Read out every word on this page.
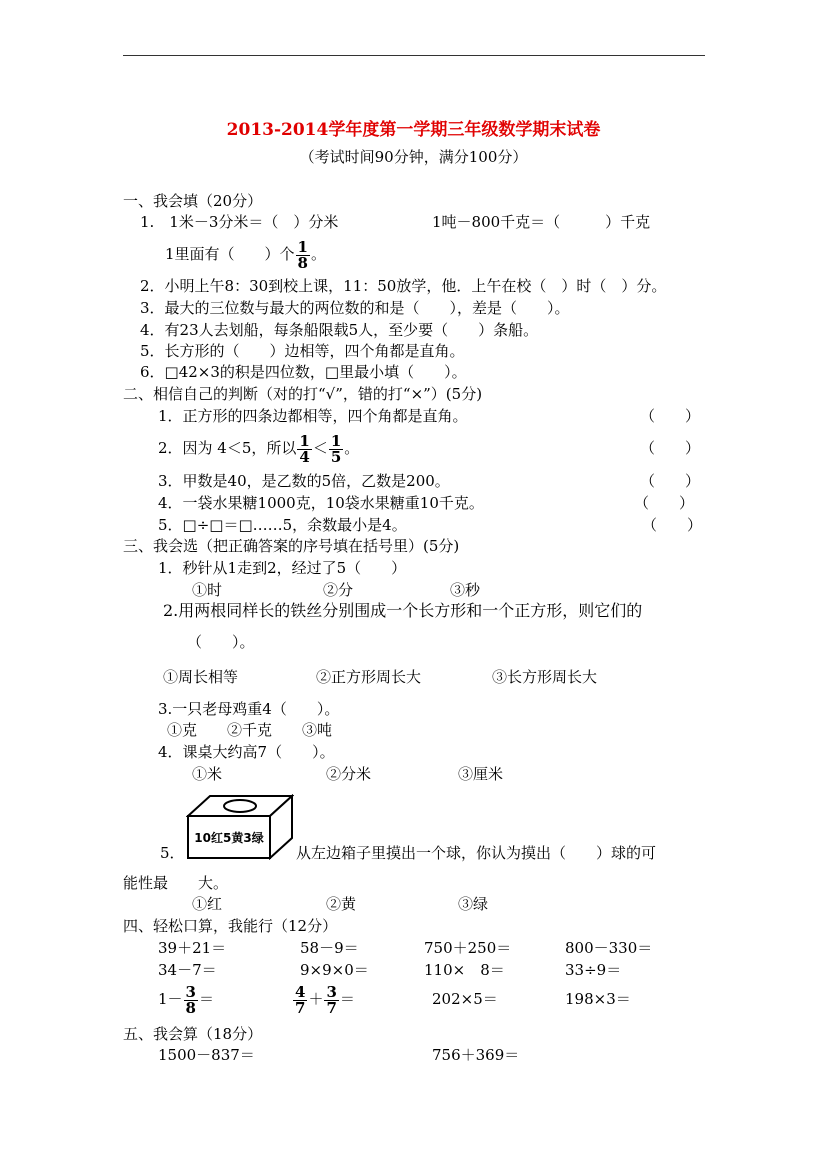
2013-2014学年度第一学期三年级数学期末试卷
（考试时间90分钟，满分100分）
一、我会填（20分）
1.　1米－3分米＝（　）分米	1吨－800千克＝（　　　）千克
1里面有（　　）个 $\frac{1}{8}$ 。
2．小明上午8：30到校上课，11：50放学，他．上午在校（　）时（　）分。
3．最大的三位数与最大的两位数的和是（　　），差是（　　）。
4．有23人去划船，每条船限载5人，至少要（　　）条船。
5．长方形的（　　）边相等，四个角都是直角。
6．□42×3的积是四位数，□里最小填（　　）。
二、相信自己的判断（对的打“√”，错的打“×”）(5分)
1．正方形的四条边都相等，四个角都是直角。	（　　）
2．因为 4＜5，所以 $\frac{1}{4} < \frac{1}{5}$ 。	（　　）
3．甲数是40，是乙数的5倍，乙数是200。	（　　）
4．一袋水果糖1000克，10袋水果糖重10千克。	（　　）
5．□÷□＝□……5，余数最小是4。	（　　）
三、我会选（把正确答案的序号填在括号里）(5分)
1．秒针从1走到2，经过了5（　　）
①时	②分	③秒
2.用两根同样长的铁丝分别围成一个长方形和一个正方形，则它们的
（　　）。
①周长相等	②正方形周长大	③长方形周长大
3.一只老母鸡重4（　　）。
①克　　②千克　　③吨
4．课桌大约高7（　　）。
①米	②分米	③厘米
5．
10红5黄3绿
从左边箱子里摸出一个球，你认为摸出（　　）球的可
能性最　　大。
①红	②黄	③绿
四、轻松口算，我能行（12分）
39＋21＝	58－9＝	750＋250＝	800－330＝
34－7＝	9×9×0＝	110×　8＝	33÷9＝
$1- \frac{3}{8}$ ＝	$\frac{4}{7} + \frac{3}{7}$ ＝	202×5＝	198×3＝
五、我会算（18分）
1500－837＝	756＋369＝
